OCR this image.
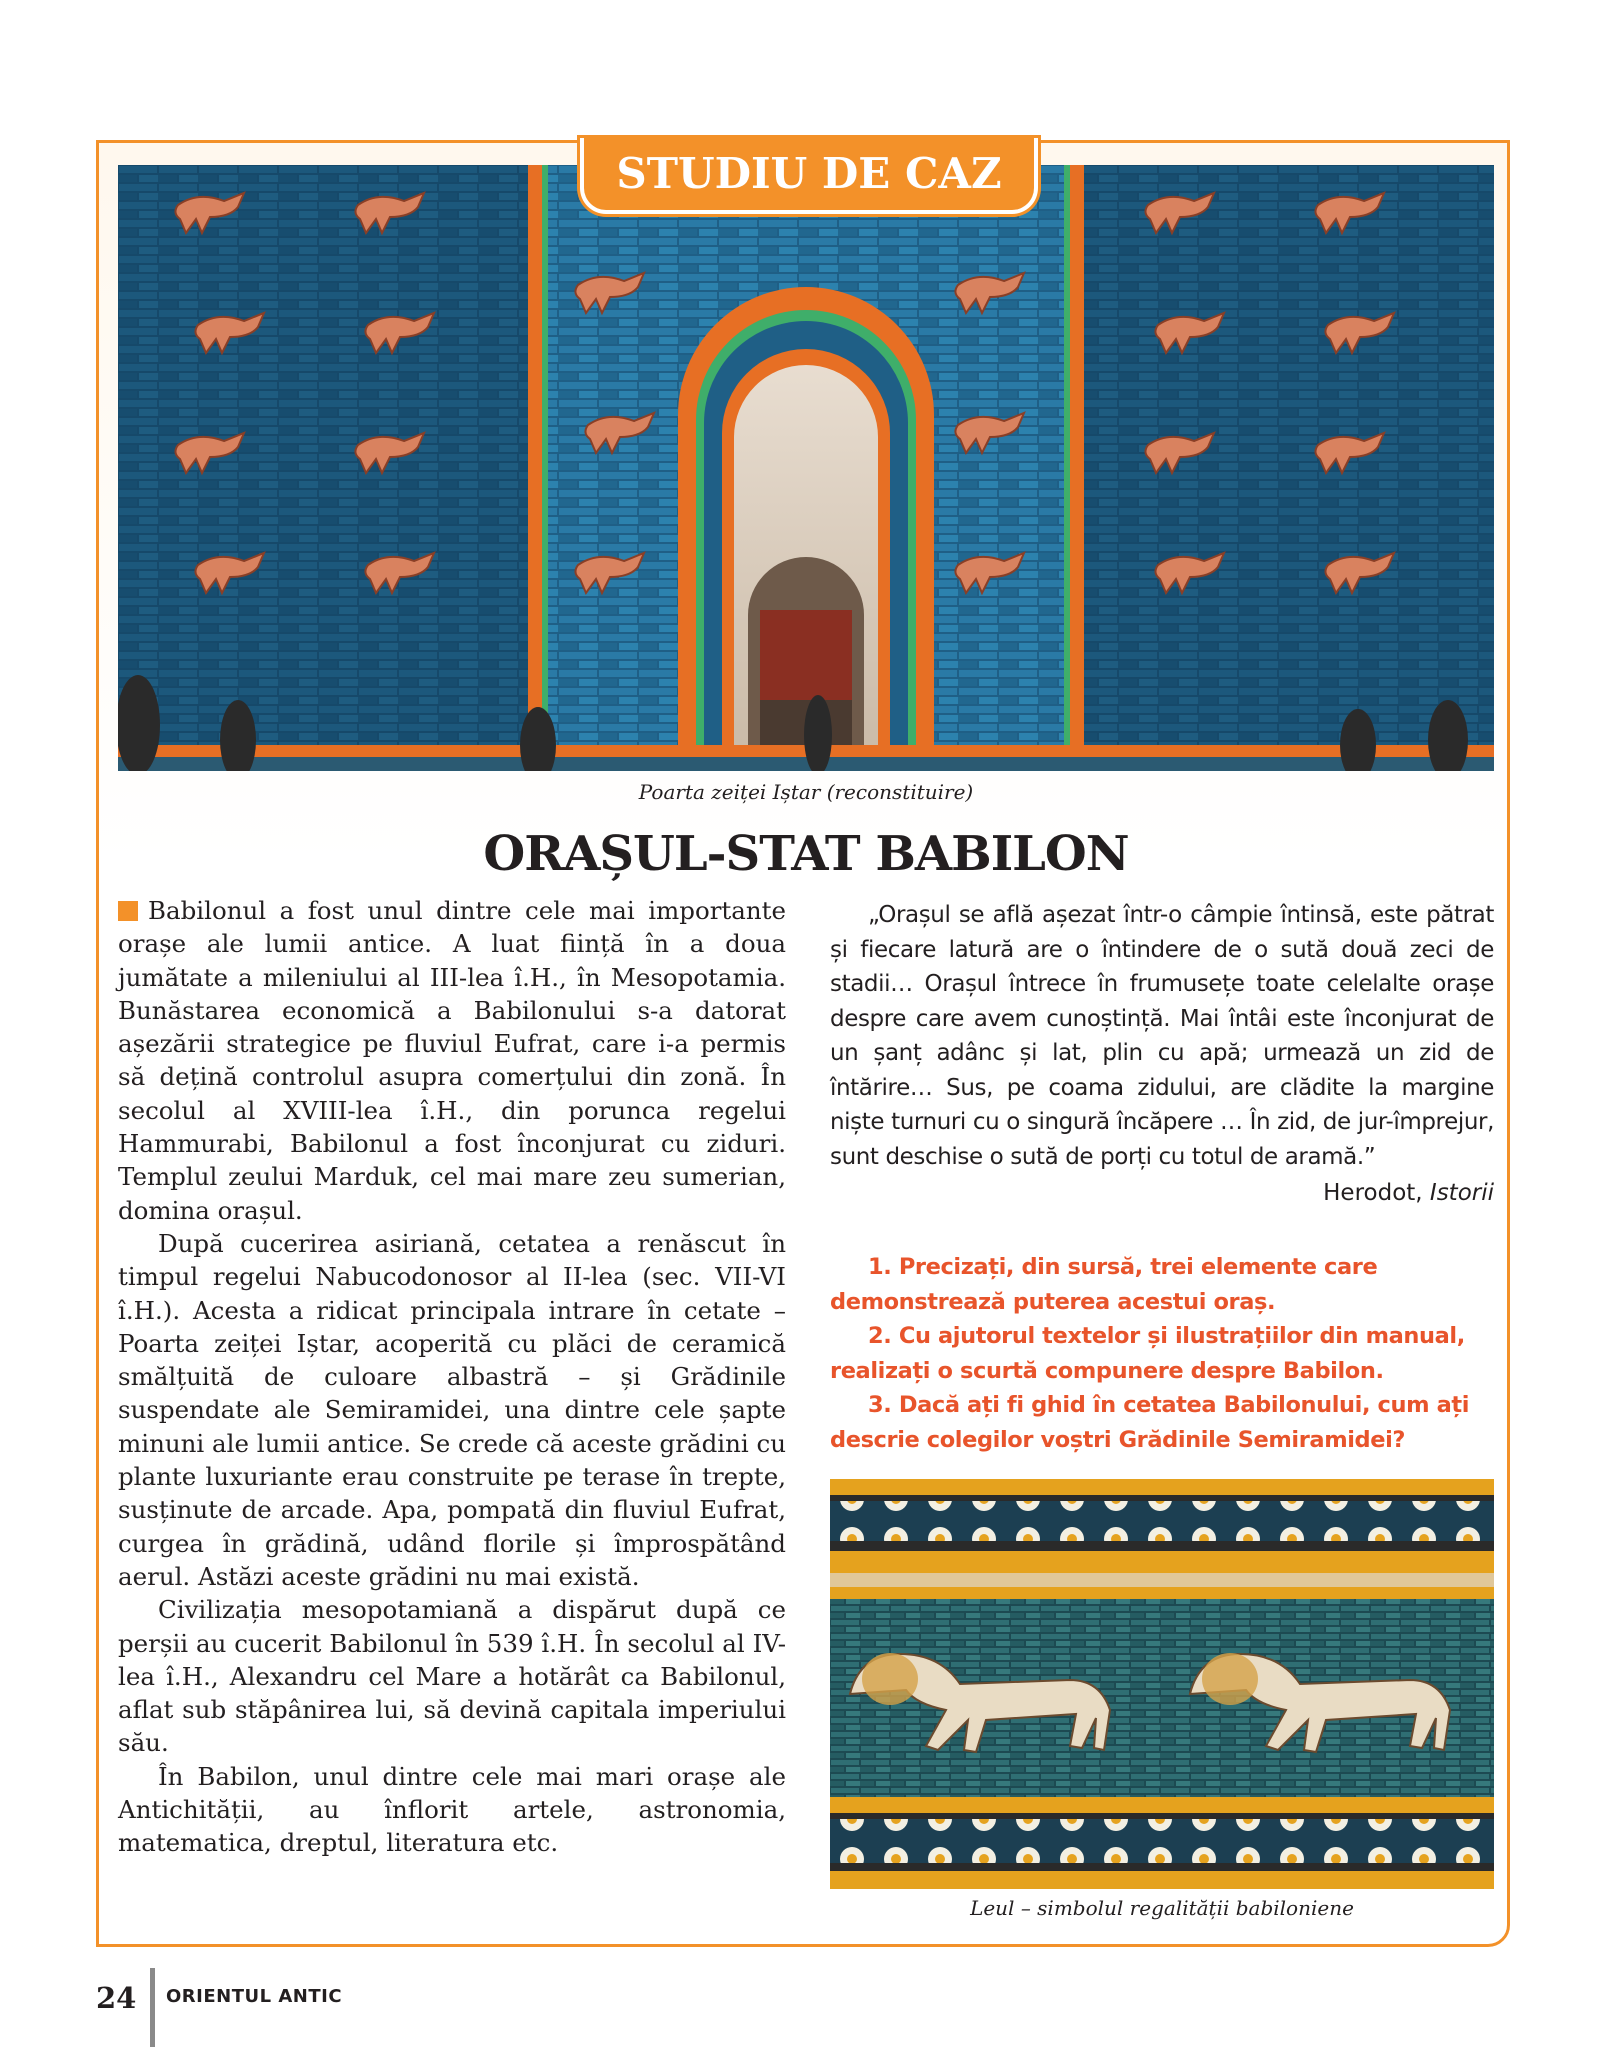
STUDIU DE CAZ
Poarta zeiței Iștar (reconstituire)
ORAȘUL-STAT BABILON

Babilonul a fost unul dintre cele mai importante orașe ale lumii antice. A luat ființă în a doua jumătate a mileniului al III-lea î.H., în Mesopotamia. Bunăstarea economică a Babilonului s-a datorat așezării strategice pe fluviul Eufrat, care i-a permis să dețină controlul asupra comerțului din zonă. În secolul al XVIII-lea î.H., din porunca regelui Hammurabi, Babilonul a fost înconjurat cu ziduri. Templul zeului Marduk, cel mai mare zeu sumerian, domina orașul.

După cucerirea asiriană, cetatea a renăscut în timpul regelui Nabucodonosor al II-lea (sec. VII-VI î.H.). Acesta a ridicat principala intrare în cetate – Poarta zeiței Iștar, acoperită cu plăci de ceramică smălțuită de culoare albastră – și Grădinile suspendate ale Semiramidei, una dintre cele șapte minuni ale lumii antice. Se crede că aceste grădini cu plante luxuriante erau construite pe terase în trepte, susținute de arcade. Apa, pompată din fluviul Eufrat, curgea în grădină, udând florile și împrospătând aerul. Astăzi aceste grădini nu mai există.

Civilizația mesopotamiană a dispărut după ce perșii au cucerit Babilonul în 539 î.H. În secolul al IV-lea î.H., Alexandru cel Mare a hotărât ca Babilonul, aflat sub stăpânirea lui, să devină capitala imperiului său.

În Babilon, unul dintre cele mai mari orașe ale Antichității, au înflorit artele, astronomia, matematica, dreptul, literatura etc.

„Orașul se află așezat într-o câmpie întinsă, este pătrat și fiecare latură are o întindere de o sută două zeci de stadii… Orașul întrece în frumusețe toate celelalte orașe despre care avem cunoștință. Mai întâi este înconjurat de un șanț adânc și lat, plin cu apă; urmează un zid de întărire… Sus, pe coama zidului, are clădite la margine niște turnuri cu o singură încăpere … În zid, de jur-împrejur, sunt deschise o sută de porți cu totul de aramă.”

Herodot, Istorii

1. Precizați, din sursă, trei elemente care demonstrează puterea acestui oraș.

2. Cu ajutorul textelor și ilustrațiilor din manual, realizați o scurtă compunere despre Babilon.

3. Dacă ați fi ghid în cetatea Babilonului, cum ați descrie colegilor voștri Grădinile Semiramidei?

Leul – simbolul regalității babiloniene
24 ORIENTUL ANTIC
